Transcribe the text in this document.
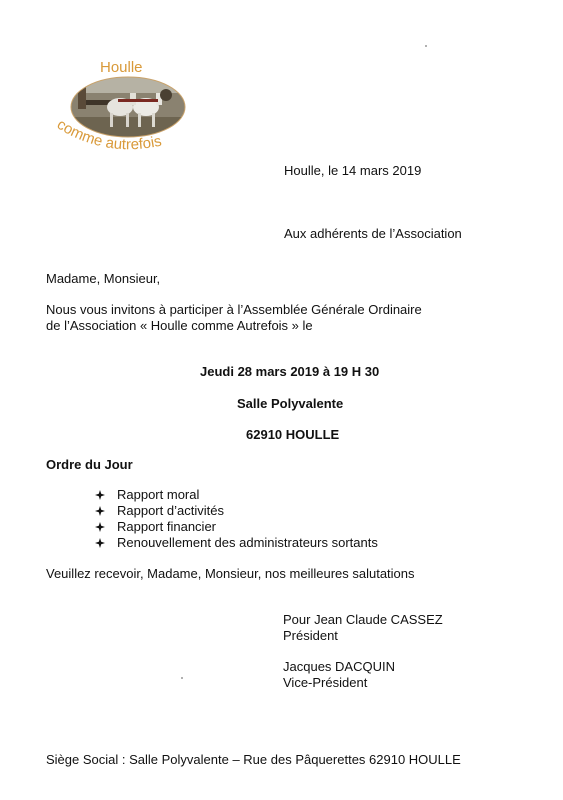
Houlle
comme autrefois
Houlle, le 14 mars 2019
Aux adhérents de l’Association
Madame, Monsieur,
Nous vous invitons à participer à l’Assemblée Générale Ordinaire
de l’Association « Houlle comme Autrefois » le
Jeudi 28 mars 2019 à 19 H 30
Salle Polyvalente
62910 HOULLE
Ordre du Jour
Rapport moral
Rapport d’activités
Rapport financier
Renouvellement des administrateurs sortants
Veuillez recevoir, Madame, Monsieur, nos meilleures salutations
Pour Jean Claude CASSEZ
Président
Jacques DACQUIN
Vice-Président
Siège Social : Salle Polyvalente – Rue des Pâquerettes 62910 HOULLE
